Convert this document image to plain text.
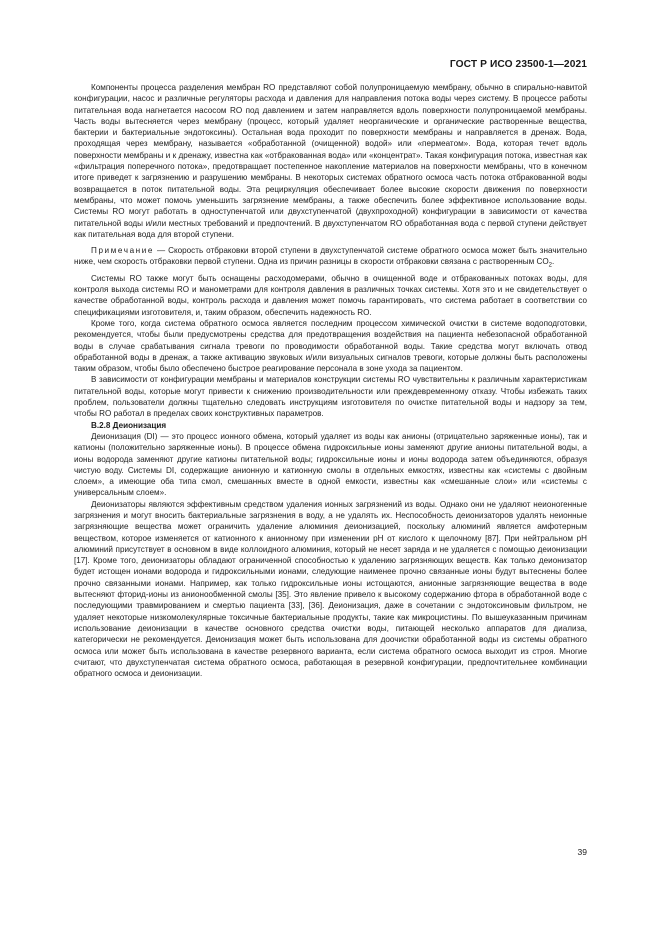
ГОСТ Р ИСО 23500-1—2021

Компоненты процесса разделения мембран RO представляют собой полупроницаемую мембрану, обычно в спирально-навитой конфигурации, насос и различные регуляторы расхода и давления для направления потока воды через систему. В процессе работы питательная вода нагнетается насосом RO под давлением и затем направляется вдоль поверхности полупроницаемой мембраны. Часть воды вытесняется через мембрану (процесс, который удаляет неорганические и органические растворенные вещества, бактерии и бактериальные эндотоксины). Остальная вода проходит по поверхности мембраны и направляется в дренаж. Вода, проходящая через мембрану, называется «обработанной (очищенной) водой» или «пермеатом». Вода, которая течет вдоль поверхности мембраны и к дренажу, известна как «отбракованная вода» или «концентрат». Такая конфигурация потока, известная как «фильтрация поперечного потока», предотвращает постепенное накопление материалов на поверхности мембраны, что в конечном итоге приведет к загрязнению и разрушению мембраны. В некоторых системах обратного осмоса часть потока отбракованной воды возвращается в поток питательной воды. Эта рециркуляция обеспечивает более высокие скорости движения по поверхности мембраны, что может помочь уменьшить загрязнение мембраны, а также обеспечить более эффективное использование воды. Системы RO могут работать в одноступенчатой или двухступенчатой (двухпроходной) конфигурации в зависимости от качества питательной воды и/или местных требований и предпочтений. В двухступенчатом RO обработанная вода с первой ступени действует как питательная вода для второй ступени.

Примечание — Скорость отбраковки второй ступени в двухступенчатой системе обратного осмоса может быть значительно ниже, чем скорость отбраковки первой ступени. Одна из причин разницы в скорости отбраковки связана с растворенным $CO_2$.

Системы RO также могут быть оснащены расходомерами, обычно в очищенной воде и отбракованных потоках воды, для контроля выхода системы RO и манометрами для контроля давления в различных точках системы. Хотя это и не свидетельствует о качестве обработанной воды, контроль расхода и давления может помочь гарантировать, что система работает в соответствии со спецификациями изготовителя, и, таким образом, обеспечить надежность RO.

Кроме того, когда система обратного осмоса является последним процессом химической очистки в системе водоподготовки, рекомендуется, чтобы были предусмотрены средства для предотвращения воздействия на пациента небезопасной обработанной воды в случае срабатывания сигнала тревоги по проводимости обработанной воды. Такие средства могут включать отвод обработанной воды в дренаж, а также активацию звуковых и/или визуальных сигналов тревоги, которые должны быть расположены таким образом, чтобы было обеспечено быстрое реагирование персонала в зоне ухода за пациентом.

В зависимости от конфигурации мембраны и материалов конструкции системы RO чувствительны к различным характеристикам питательной воды, которые могут привести к снижению производительности или преждевременному отказу. Чтобы избежать таких проблем, пользователи должны тщательно следовать инструкциям изготовителя по очистке питательной воды и надзору за тем, чтобы RO работал в пределах своих конструктивных параметров.

B.2.8 Деионизация

Деионизация (DI) — это процесс ионного обмена, который удаляет из воды как анионы (отрицательно заряженные ионы), так и катионы (положительно заряженные ионы). В процессе обмена гидроксильные ионы заменяют другие анионы питательной воды, а ионы водорода заменяют другие катионы питательной воды; гидроксильные ионы и ионы водорода затем объединяются, образуя чистую воду. Системы DI, содержащие анионную и катионную смолы в отдельных емкостях, известны как «системы с двойным слоем», а имеющие оба типа смол, смешанных вместе в одной емкости, известны как «смешанные слои» или «системы с универсальным слоем».

Деионизаторы являются эффективным средством удаления ионных загрязнений из воды. Однако они не удаляют неионогенные загрязнения и могут вносить бактериальные загрязнения в воду, а не удалять их. Неспособность деионизаторов удалять неионные загрязняющие вещества может ограничить удаление алюминия деионизацией, поскольку алюминий является амфотерным веществом, которое изменяется от катионного к анионному при изменении pH от кислого к щелочному [87]. При нейтральном pH алюминий присутствует в основном в виде коллоидного алюминия, который не несет заряда и не удаляется с помощью деионизации [17]. Кроме того, деионизаторы обладают ограниченной способностью к удалению загрязняющих веществ. Как только деионизатор будет истощен ионами водорода и гидроксильными ионами, следующие наименее прочно связанные ионы будут вытеснены более прочно связанными ионами. Например, как только гидроксильные ионы истощаются, анионные загрязняющие вещества в воде вытесняют фторид-ионы из анионообменной смолы [35]. Это явление привело к высокому содержанию фтора в обработанной воде с последующими травмированием и смертью пациента [33], [36]. Деионизация, даже в сочетании с эндотоксиновым фильтром, не удаляет некоторые низкомолекулярные токсичные бактериальные продукты, такие как микроцистины. По вышеуказанным причинам использование деионизации в качестве основного средства очистки воды, питающей несколько аппаратов для диализа, категорически не рекомендуется. Деионизация может быть использована для доочистки обработанной воды из системы обратного осмоса или может быть использована в качестве резервного варианта, если система обратного осмоса выходит из строя. Многие считают, что двухступенчатая система обратного осмоса, работающая в резервной конфигурации, предпочтительнее комбинации обратного осмоса и деионизации.

39
